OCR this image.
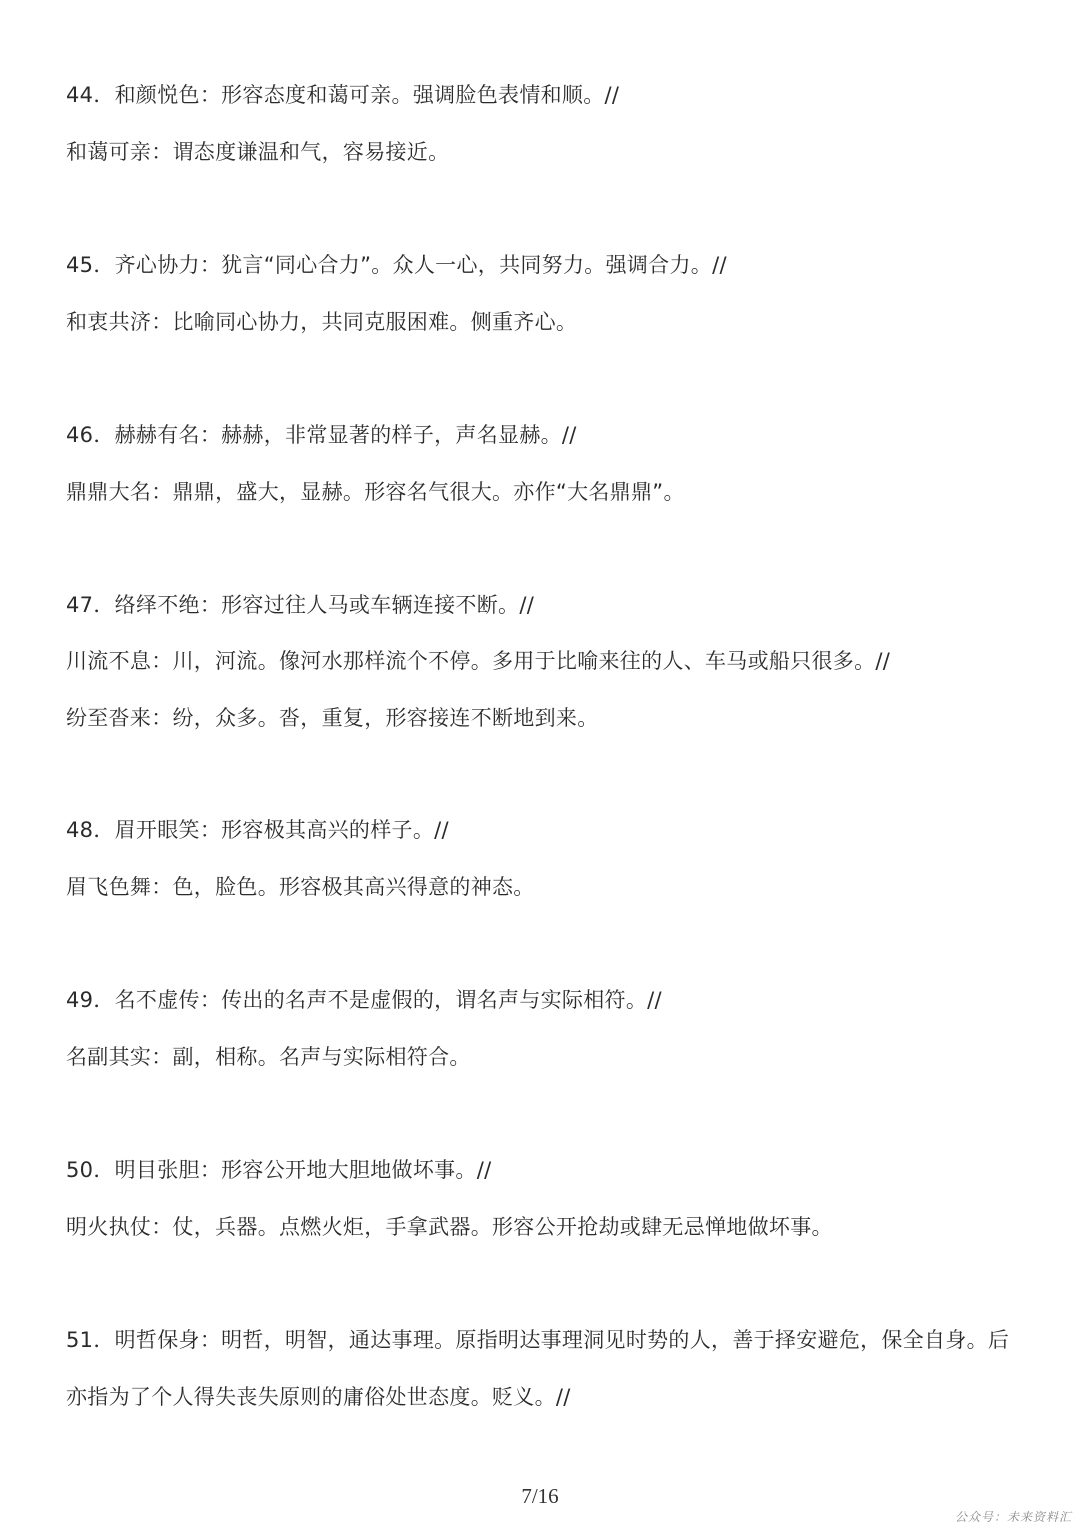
44．和颜悦色：形容态度和蔼可亲。强调脸色表情和顺。//
和蔼可亲：谓态度谦温和气，容易接近。
45．齐心协力：犹言“同心合力”。众人一心，共同努力。强调合力。//
和衷共济：比喻同心协力，共同克服困难。侧重齐心。
46．赫赫有名：赫赫，非常显著的样子，声名显赫。//
鼎鼎大名：鼎鼎，盛大，显赫。形容名气很大。亦作“大名鼎鼎”。
47．络绎不绝：形容过往人马或车辆连接不断。//
川流不息：川，河流。像河水那样流个不停。多用于比喻来往的人、车马或船只很多。//
纷至沓来：纷，众多。沓，重复，形容接连不断地到来。
48．眉开眼笑：形容极其高兴的样子。//
眉飞色舞：色，脸色。形容极其高兴得意的神态。
49．名不虚传：传出的名声不是虚假的，谓名声与实际相符。//
名副其实：副，相称。名声与实际相符合。
50．明目张胆：形容公开地大胆地做坏事。//
明火执仗：仗，兵器。点燃火炬，手拿武器。形容公开抢劫或肆无忌惮地做坏事。
51．明哲保身：明哲，明智，通达事理。原指明达事理洞见时势的人，善于择安避危，保全自身。后
亦指为了个人得失丧失原则的庸俗处世态度。贬义。//
7/16
公众号：未来资料汇
